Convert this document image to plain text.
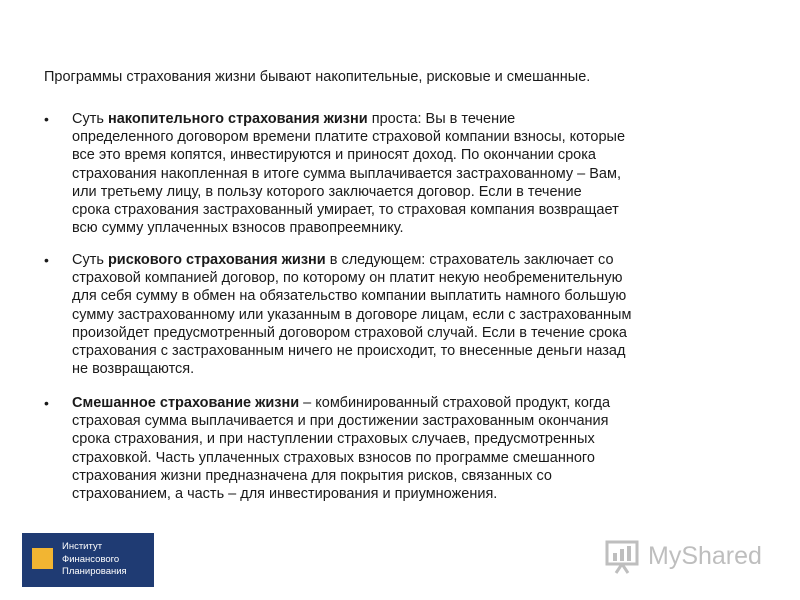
Программы страхования жизни бывают накопительные, рисковые и смешанные.
• Суть накопительного страхования жизни проста: Вы в течение
определенного договором времени платите страховой компании взносы, которые
все это время копятся, инвестируются и приносят доход. По окончании срока
страхования накопленная в итоге сумма выплачивается застрахованному – Вам,
или третьему лицу, в пользу которого заключается договор. Если в течение
срока страхования застрахованный умирает, то страховая компания возвращает
всю сумму уплаченных взносов правопреемнику.
• Суть рискового страхования жизни в следующем: страхователь заключает со
страховой компанией договор, по которому он платит некую необременительную
для себя сумму в обмен на обязательство компании выплатить намного большую
сумму застрахованному или указанным в договоре лицам, если с застрахованным
произойдет предусмотренный договором страховой случай. Если в течение срока
страхования с застрахованным ничего не происходит, то внесенные деньги назад
не возвращаются.
• Смешанное страхование жизни – комбинированный страховой продукт, когда
страховая сумма выплачивается и при достижении застрахованным окончания
срока страхования, и при наступлении страховых случаев, предусмотренных
страховкой. Часть уплаченных страховых взносов по программе смешанного
страхования жизни предназначена для покрытия рисков, связанных со
страхованием, а часть – для инвестирования и приумножения.
Институт
Финансового
Планирования
MyShared
